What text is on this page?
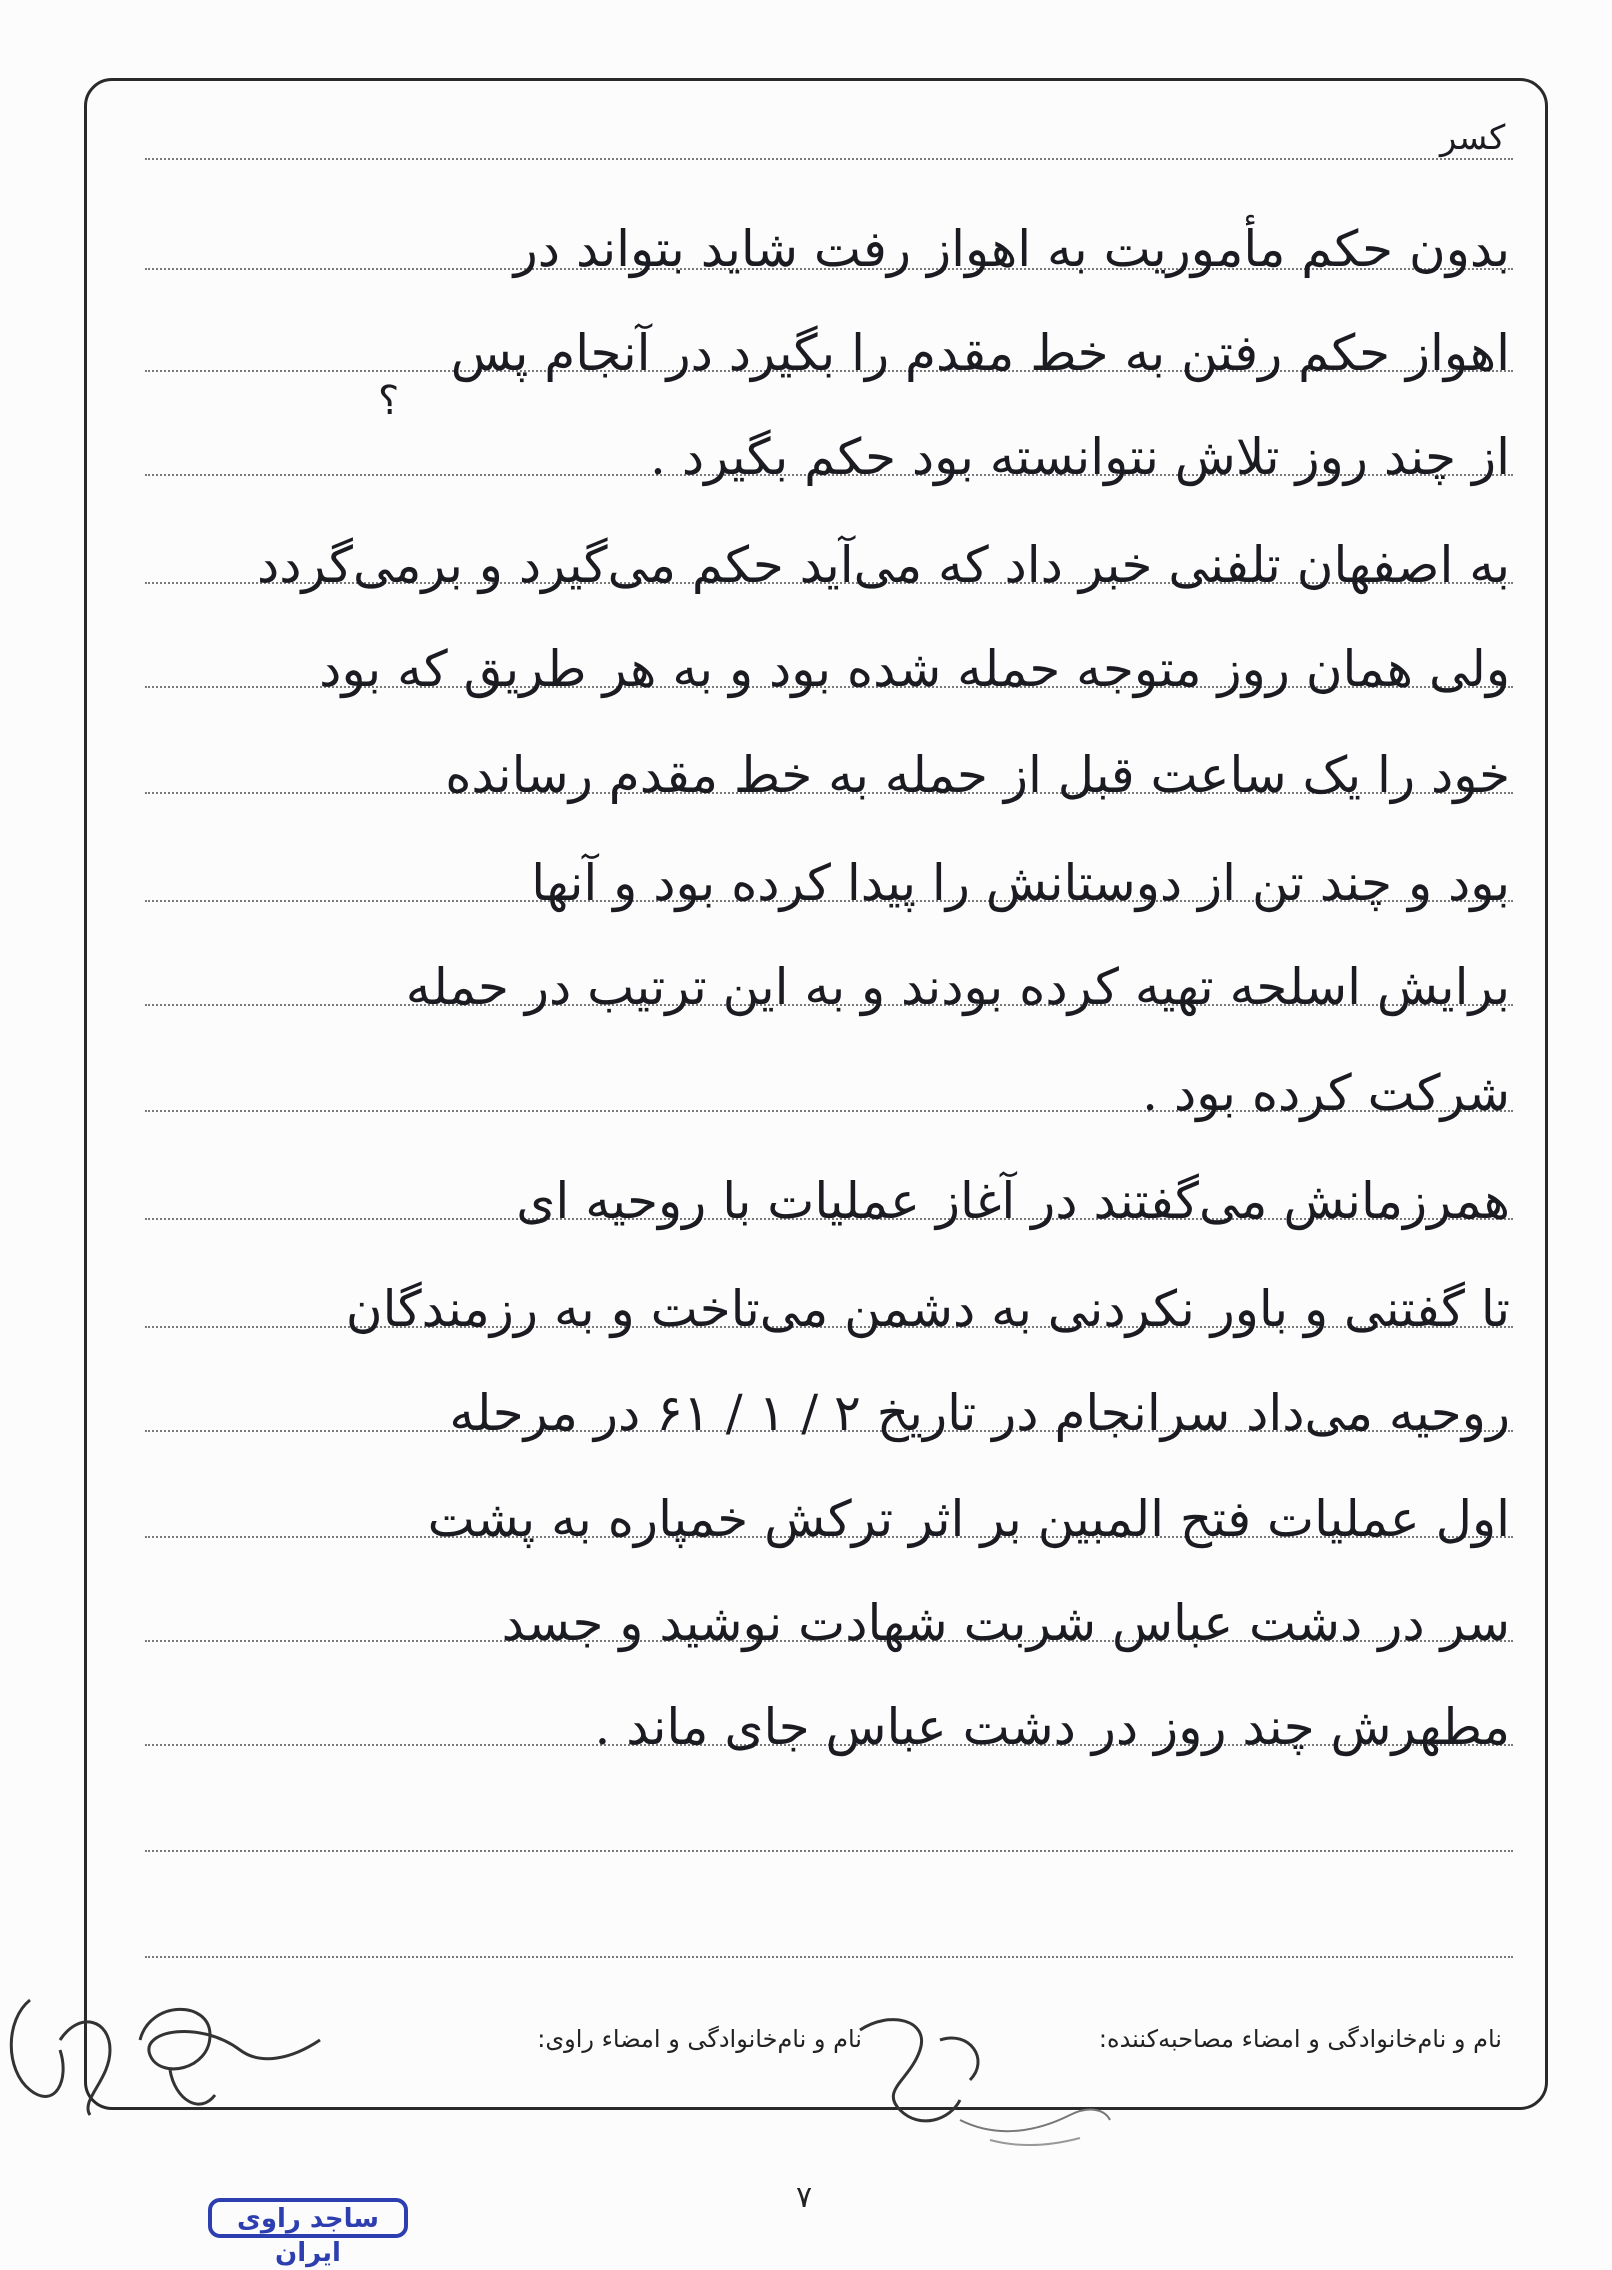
کسر
بدون حکم مأموریت به اهواز رفت شاید بتواند در
اهواز حکم رفتن به خط مقدم را بگیرد در آنجام پس
از چند روز تلاش نتوانسته بود حکم بگیرد .
به اصفهان تلفنی خبر داد که می‌آید حکم می‌گیرد و برمی‌گردد
ولی همان روز متوجه حمله شده بود و به هر طریق که بود
خود را یک ساعت قبل از حمله به خط مقدم رسانده
بود و چند تن از دوستانش را پیدا کرده بود و آنها
برایش اسلحه تهیه کرده بودند و به این ترتیب در حمله
شرکت کرده بود .
همرزمانش می‌گفتند در آغاز عملیات با روحیه ای
تا گفتنی و باور نکردنی به دشمن می‌تاخت و به رزمندگان
روحیه می‌داد سرانجام در تاریخ ۲ / ۱ / ۶۱ در مرحله
اول عملیات فتح المبین بر اثر ترکش خمپاره به پشت
سر در دشت عباس شربت شهادت نوشید و جسد
مطهرش چند روز در دشت عباس جای ماند .
؟
نام و نام‌خانوادگی و امضاء مصاحبه‌کننده:
نام و نام‌خانوادگی و امضاء راوی:
۷
ساجد راوی ایران
